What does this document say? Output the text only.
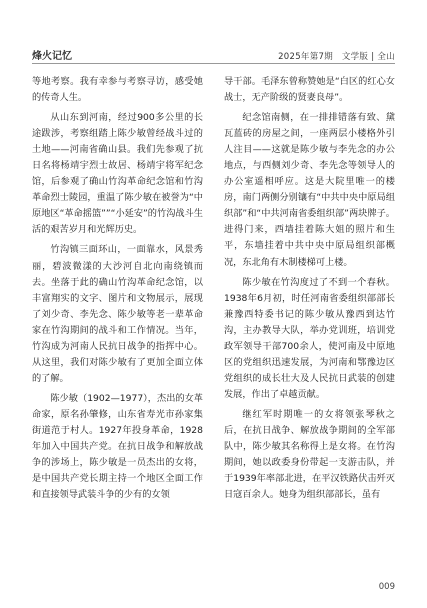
烽火记忆	2025年第7期　文学版 | 全山

等地考察。我有幸参与考察寻访，感受她的传奇人生。

从山东到河南，经过900多公里的长途跋涉，考察组踏上陈少敏曾经战斗过的土地——河南省确山县。我们先参观了抗日名将杨靖宇烈士故居、杨靖宇将军纪念馆，后参观了确山竹沟革命纪念馆和竹沟革命烈士陵园，重温了陈少敏在被誉为“中原地区“革命摇篮””“小延安”的竹沟战斗生活的艰苦岁月和光辉历史。

竹沟镇三面环山，一面靠水，风景秀丽，碧波微漾的大沙河自北向南绕镇而去。坐落于此的确山竹沟革命纪念馆，以丰富翔实的文字、图片和文物展示，展现了刘少奇、李先念、陈少敏等老一辈革命家在竹沟期间的战斗和工作情况。当年，竹沟成为河南人民抗日战争的指挥中心。从这里，我们对陈少敏有了更加全面立体的了解。

陈少敏（1902—1977），杰出的女革命家，原名孙肇修，山东省寿光市孙家集街道范于村人。1927年投身革命，1928年加入中国共产党。在抗日战争和解放战争的涉场上，陈少敏是一员杰出的女将，是中国共产党长期主持一个地区全面工作和直接领导武装斗争的少有的女领

导干部。毛泽东曾称赞她是“白区的红心女战士，无产阶级的贤妻良母”。

纪念馆南侧，在一排排错落有致、黛瓦蓝砖的房屋之间，一座两层小楼格外引人注目——这就是陈少敏与李先念的办公地点，与西侧刘少奇、李先念等领导人的办公室遥相呼应。这是大院里唯一的楼房，南门两侧分别镶有“中共中央中原局组织部”和“中共河南省委组织部”两块牌子。进得门来，西墙挂着陈大姐的照片和生平，东墙挂着中共中央中原局组织部概况，东北角有木制楼梯可上楼。

陈少敏在竹沟度过了不到一个春秋。1938年6月初，时任河南省委组织部部长兼豫西特委书记的陈少敏从豫西到达竹沟，主办教导大队，举办党训班，培训党政军领导干部700余人，使河南及中原地区的党组织迅速发展，为河南和鄂豫边区党组织的成长壮大及人民抗日武装的创建发展，作出了卓越贡献。

继红军时期唯一的女将领张琴秋之后，在抗日战争、解放战争期间的全军部队中，陈少敏其名称得上是女将。在竹沟期间，她以政委身份带起一支游击队，并于1939年率部北进，在平汉铁路伏击歼灭日寇百余人。她身为组织部部长，虽有

009
